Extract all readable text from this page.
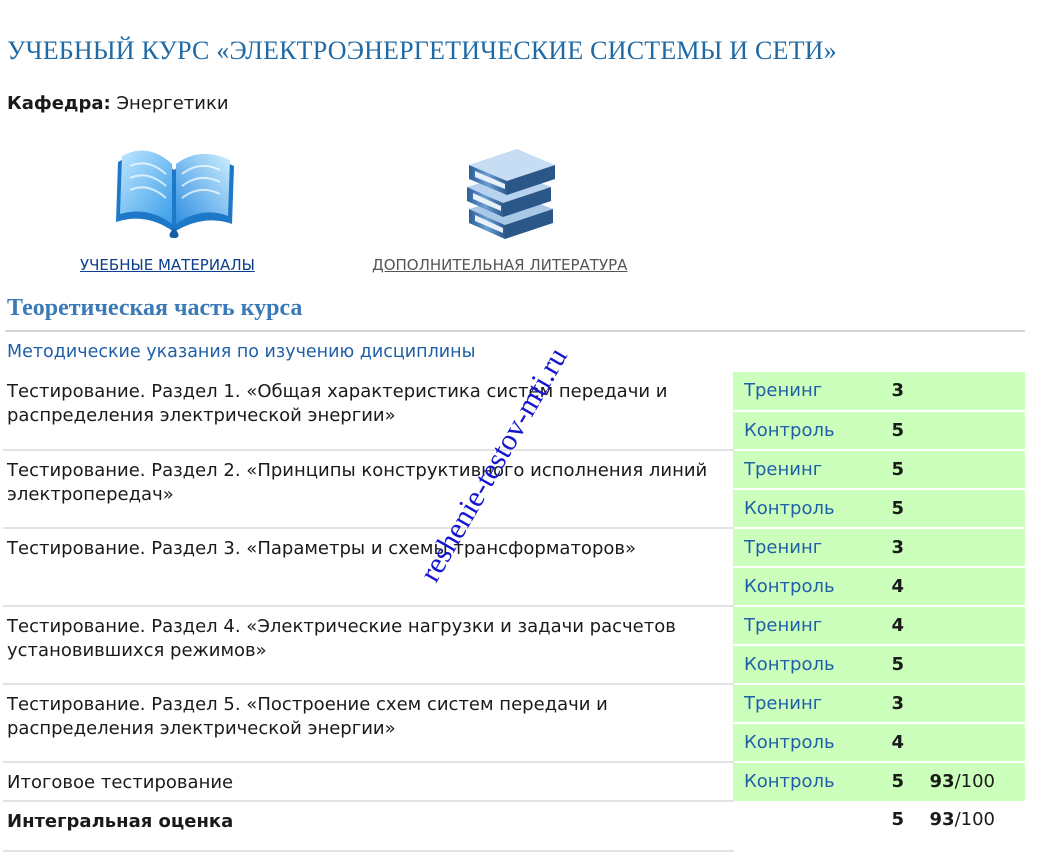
УЧЕБНЫЙ КУРС «ЭЛЕКТРОЭНЕРГЕТИЧЕСКИЕ СИСТЕМЫ И СЕТИ»
Кафедра: Энергетики
УЧЕБНЫЕ МАТЕРИАЛЫ	ДОПОЛНИТЕЛЬНАЯ ЛИТЕРАТУРА
Теоретическая часть курса
Методические указания по изучению дисциплины
Тестирование. Раздел 1. «Общая характеристика систем передачи и распределения электрической энергии»	Тренинг	3	
	Контроль	5	
Тестирование. Раздел 2. «Принципы конструктивного исполнения линий электропередач»	Тренинг	5	
	Контроль	5	
Тестирование. Раздел 3. «Параметры и схемы трансформаторов»	Тренинг	3	
	Контроль	4	
Тестирование. Раздел 4. «Электрические нагрузки и задачи расчетов установившихся режимов»	Тренинг	4	
	Контроль	5	
Тестирование. Раздел 5. «Построение схем систем передачи и распределения электрической энергии»	Тренинг	3	
	Контроль	4	
Итоговое тестирование	Контроль	5	93/100
Интегральная оценка		5	93/100
reshenie-testov-mti.ru
